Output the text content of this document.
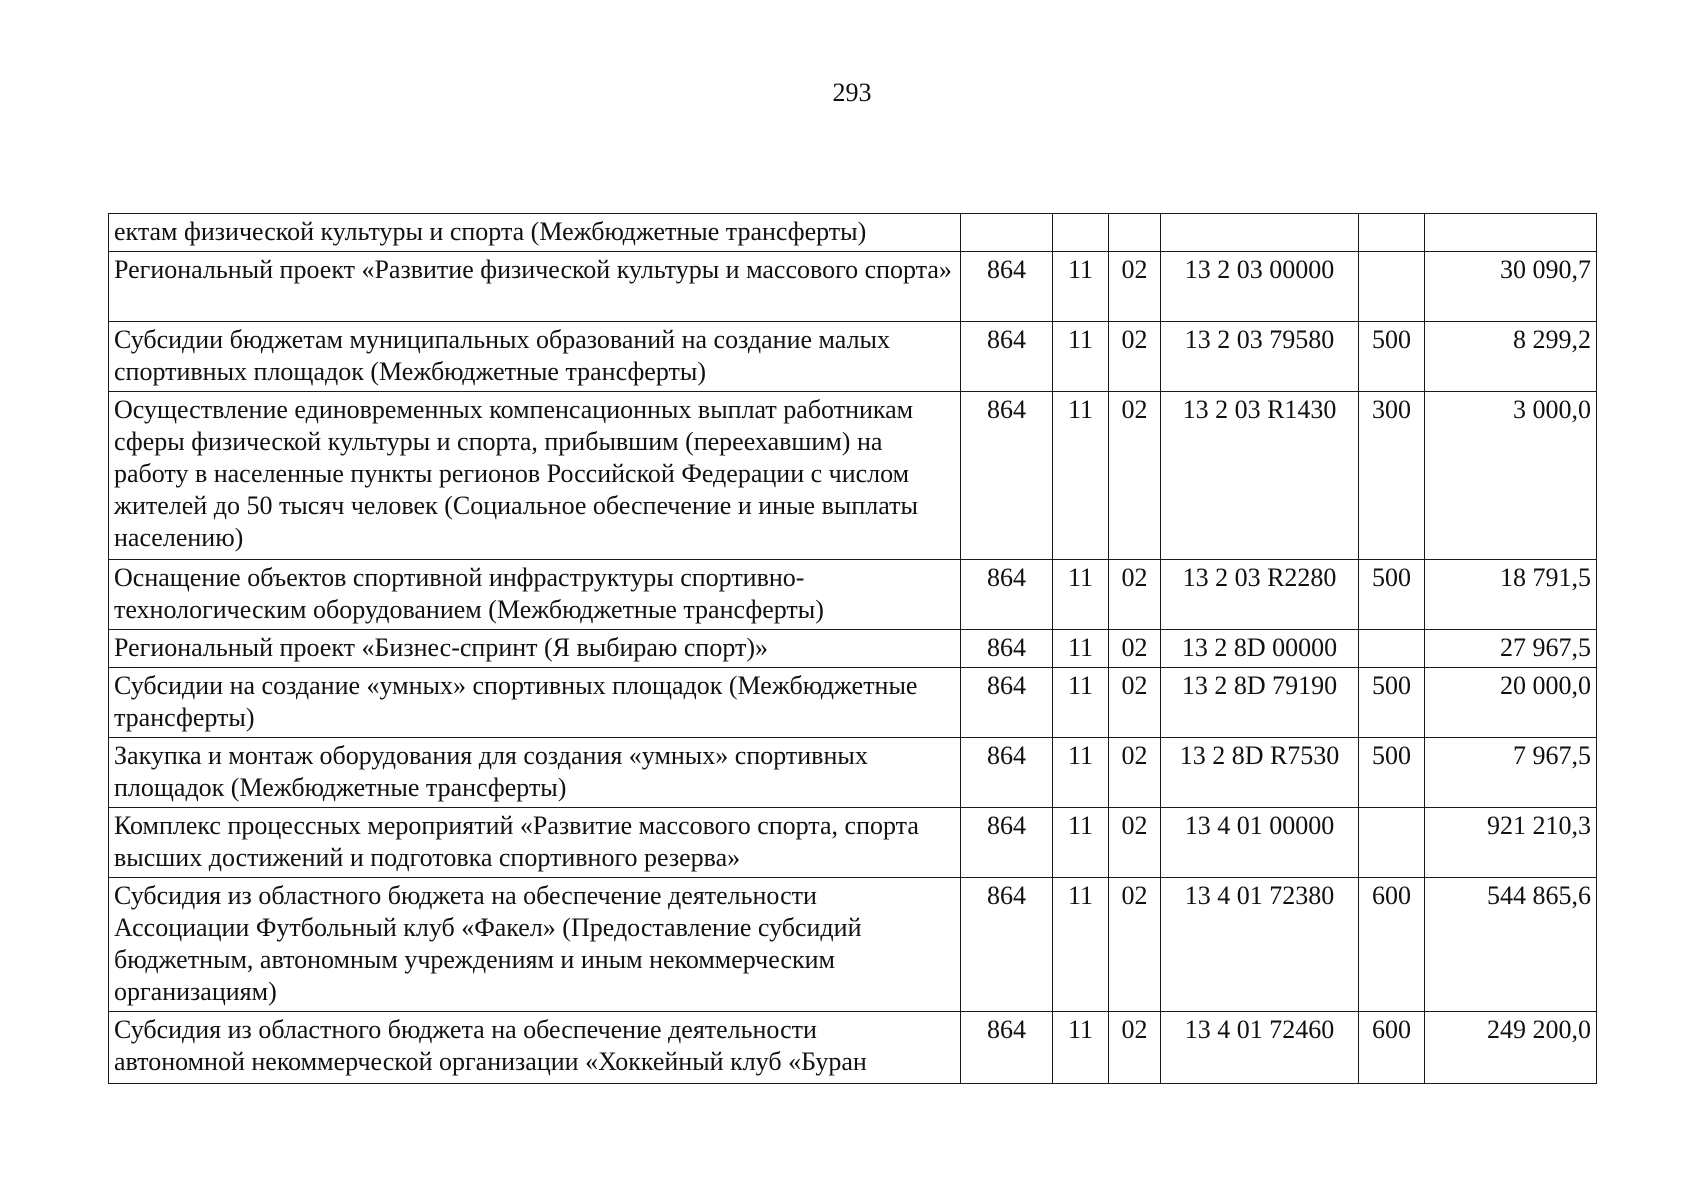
293
ектам физической культуры и спорта (Межбюджетные трансферты)						
Региональный проект «Развитие физической культуры и массового спорта»	864	11	02	13 2 03 00000		30 090,7
Субсидии бюджетам муниципальных образований на создание малых спортивных площадок (Межбюджетные трансферты)	864	11	02	13 2 03 79580	500	8 299,2
Осуществление единовременных компенсационных выплат работникам сферы физической культуры и спорта, прибывшим (переехавшим) на работу в населенные пункты регионов Российской Федерации с числом жителей до 50 тысяч человек (Социальное обеспечение и иные выплаты населению)	864	11	02	13 2 03 R1430	300	3 000,0
Оснащение объектов спортивной инфраструктуры спортивно-технологическим оборудованием (Межбюджетные трансферты)	864	11	02	13 2 03 R2280	500	18 791,5
Региональный проект «Бизнес-спринт (Я выбираю спорт)»	864	11	02	13 2 8D 00000		27 967,5
Субсидии на создание «умных» спортивных площадок (Межбюджетные трансферты)	864	11	02	13 2 8D 79190	500	20 000,0
Закупка и монтаж оборудования для создания «умных» спортивных площадок (Межбюджетные трансферты)	864	11	02	13 2 8D R7530	500	7 967,5
Комплекс процессных мероприятий «Развитие массового спорта, спорта высших достижений и подготовка спортивного резерва»	864	11	02	13 4 01 00000		921 210,3
Субсидия из областного бюджета на обеспечение деятельности Ассоциации Футбольный клуб «Факел» (Предоставление субсидий бюджетным, автономным учреждениям и иным некоммерческим организациям)	864	11	02	13 4 01 72380	600	544 865,6
Субсидия из областного бюджета на обеспечение деятельности автономной некоммерческой организации «Хоккейный клуб «Буран	864	11	02	13 4 01 72460	600	249 200,0
